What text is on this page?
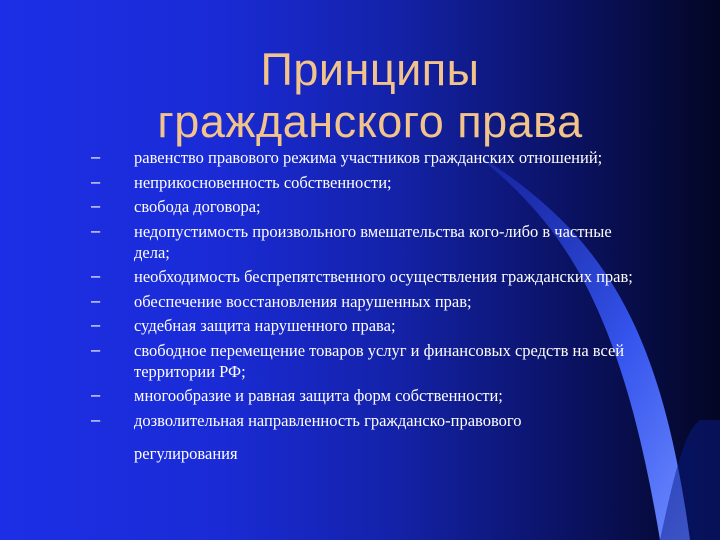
Принципы
гражданского права
– равенство правового режима участников гражданских отношений;
– неприкосновенность собственности;
– свобода договора;
– недопустимость произвольного вмешательства кого-либо в частные дела;
– необходимость беспрепятственного осуществления гражданских прав;
– обеспечение восстановления нарушенных прав;
– судебная защита нарушенного права;
– свободное перемещение товаров услуг и финансовых средств на всей территории РФ;
– многообразие и равная защита форм собственности;
– дозволительная направленность гражданско-правового
регулирования
